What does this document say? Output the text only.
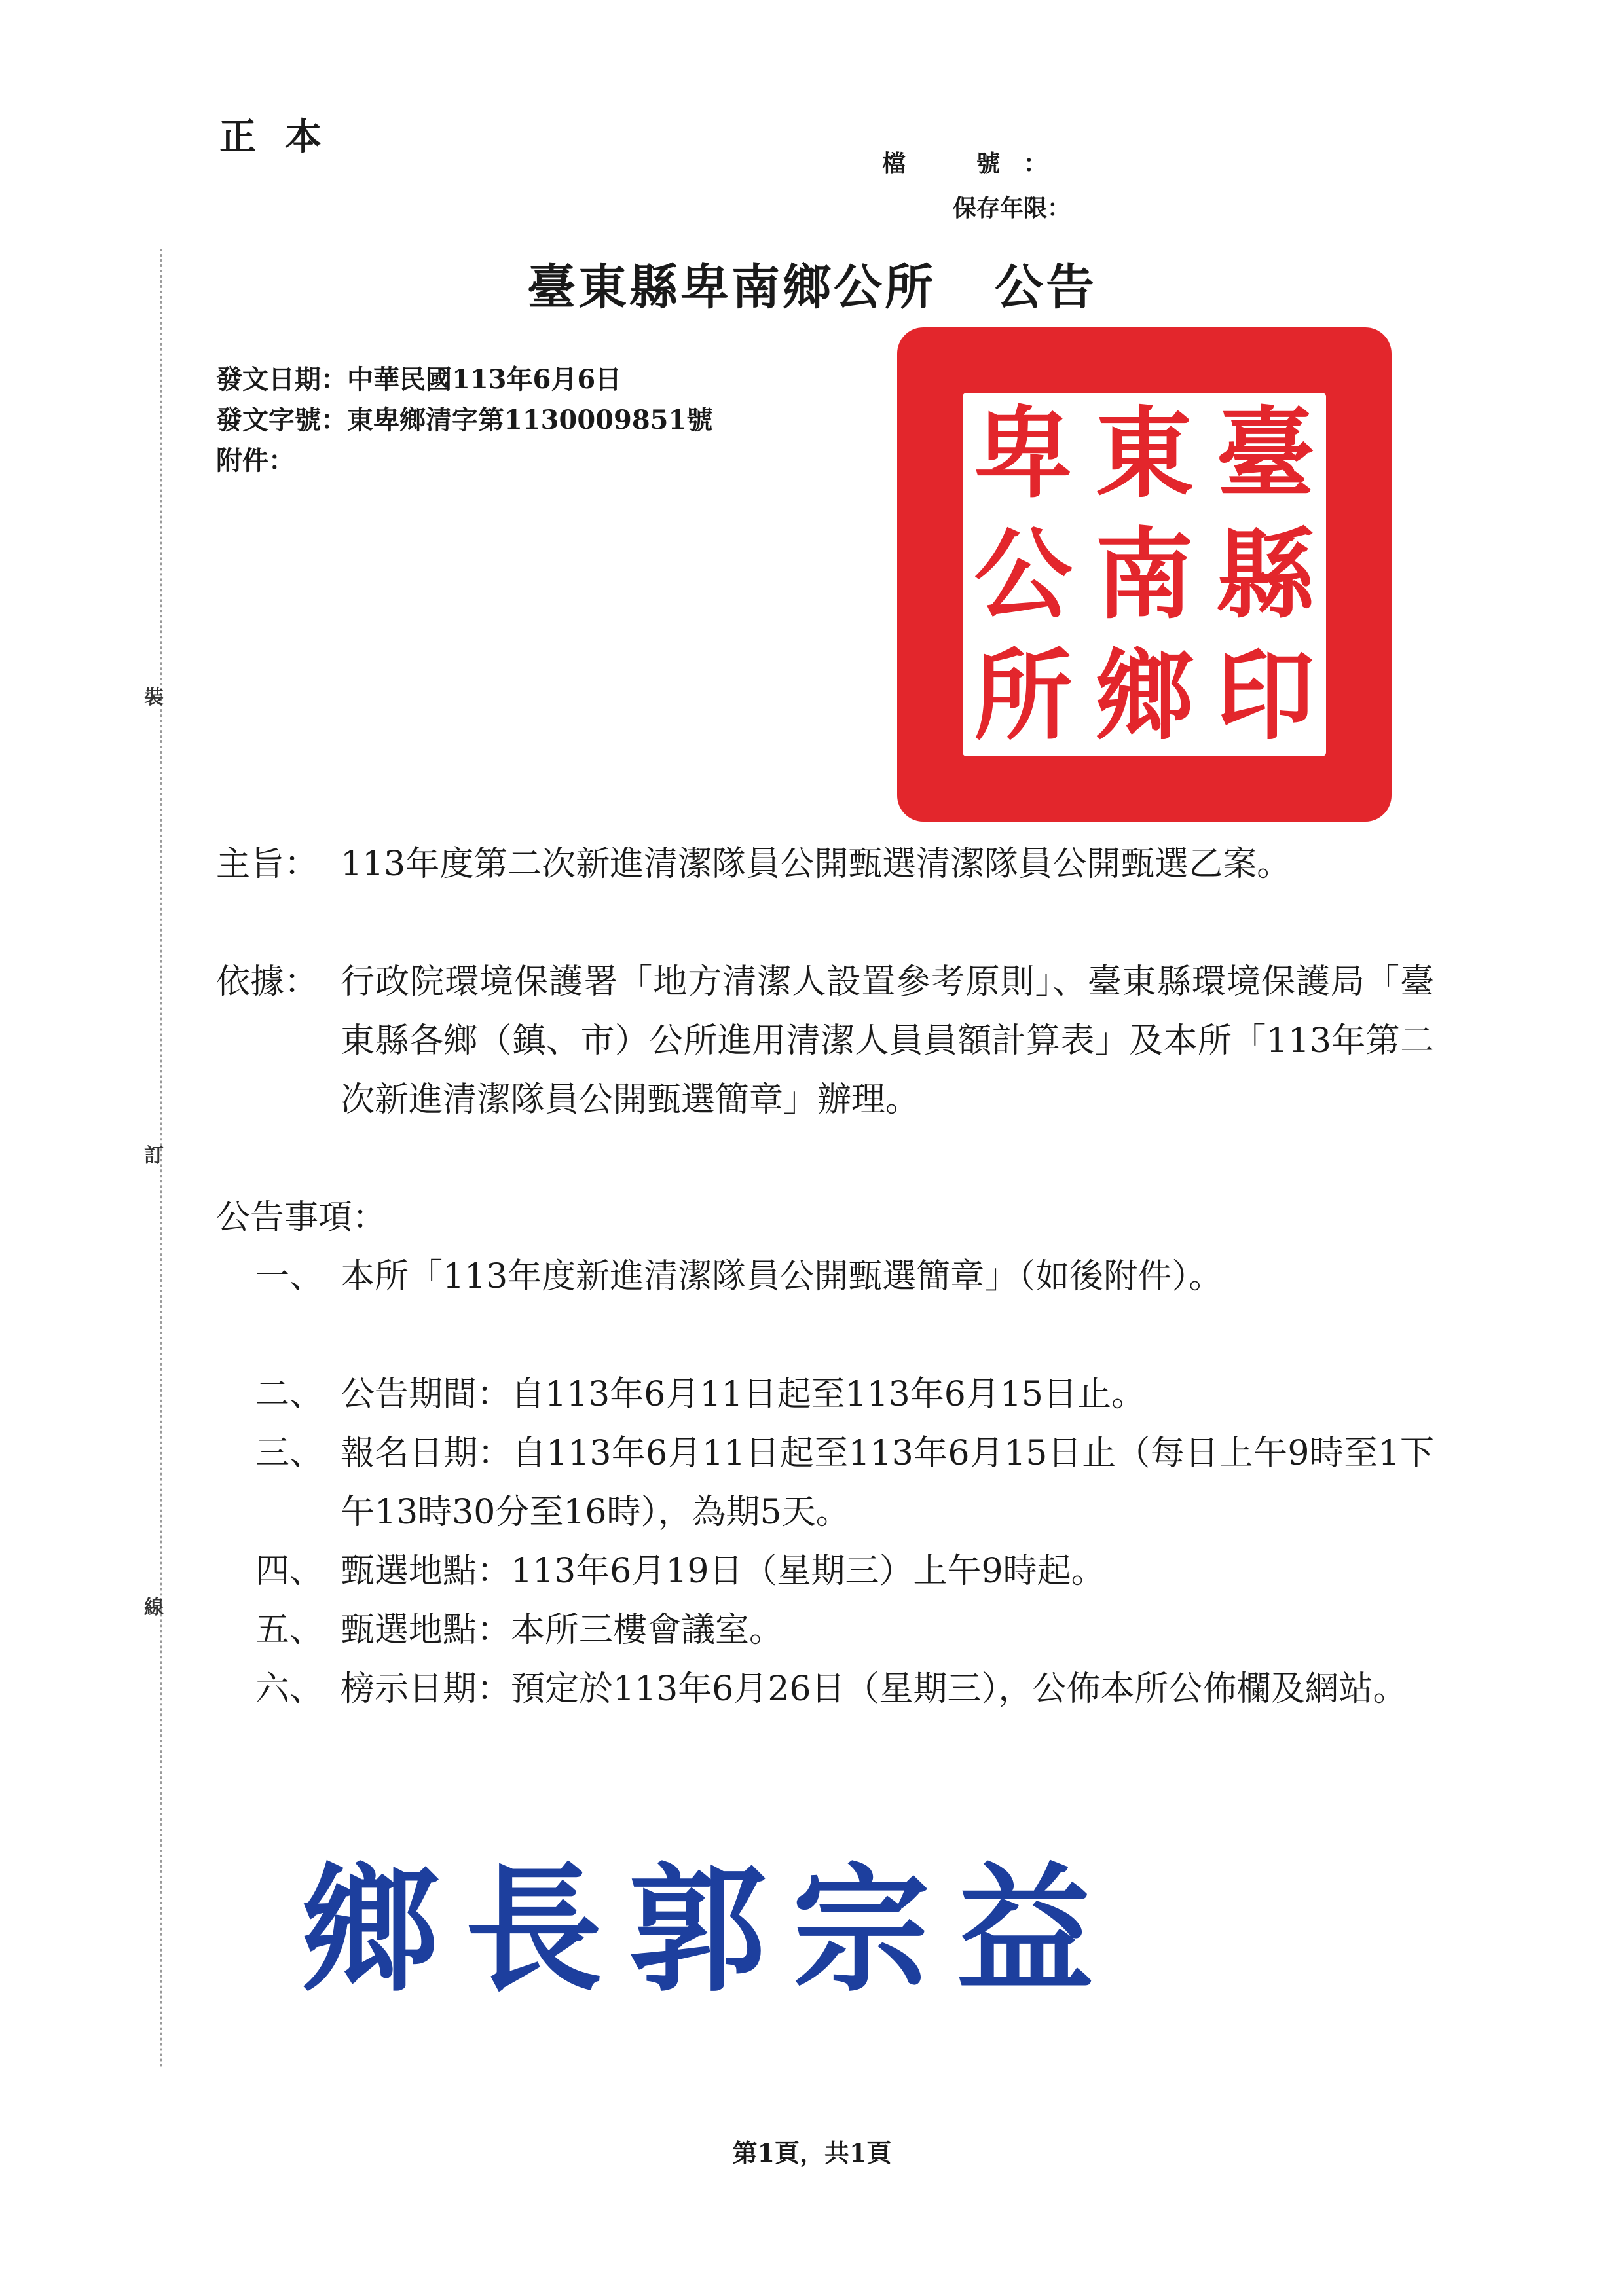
正本
檔　號：
保存年限：
臺東縣卑南鄉公所 公告
發文日期：中華民國113年6月6日
發文字號：東卑鄉清字第1130009851號
附件：
裝
訂
線
卑 東 臺
公 南 縣
所 鄉 印
主旨： 113年度第二次新進清潔隊員公開甄選清潔隊員公開甄選乙案。
依據： 行政院環境保護署「地方清潔人設置參考原則」、臺東縣環境保護局「臺東縣各鄉（鎮、市）公所進用清潔人員員額計算表」及本所「113年第二次新進清潔隊員公開甄選簡章」辦理。
公告事項：
一、 本所「113年度新進清潔隊員公開甄選簡章」（如後附件）。
二、 公告期間：自113年6月11日起至113年6月15日止。
三、 報名日期：自113年6月11日起至113年6月15日止（每日上午9時至1下午13時30分至16時），為期5天。
四、 甄選地點：113年6月19日（星期三）上午9時起。
五、 甄選地點：本所三樓會議室。
六、 榜示日期：預定於113年6月26日（星期三），公佈本所公佈欄及網站。
鄉長郭宗益
第1頁，共1頁
